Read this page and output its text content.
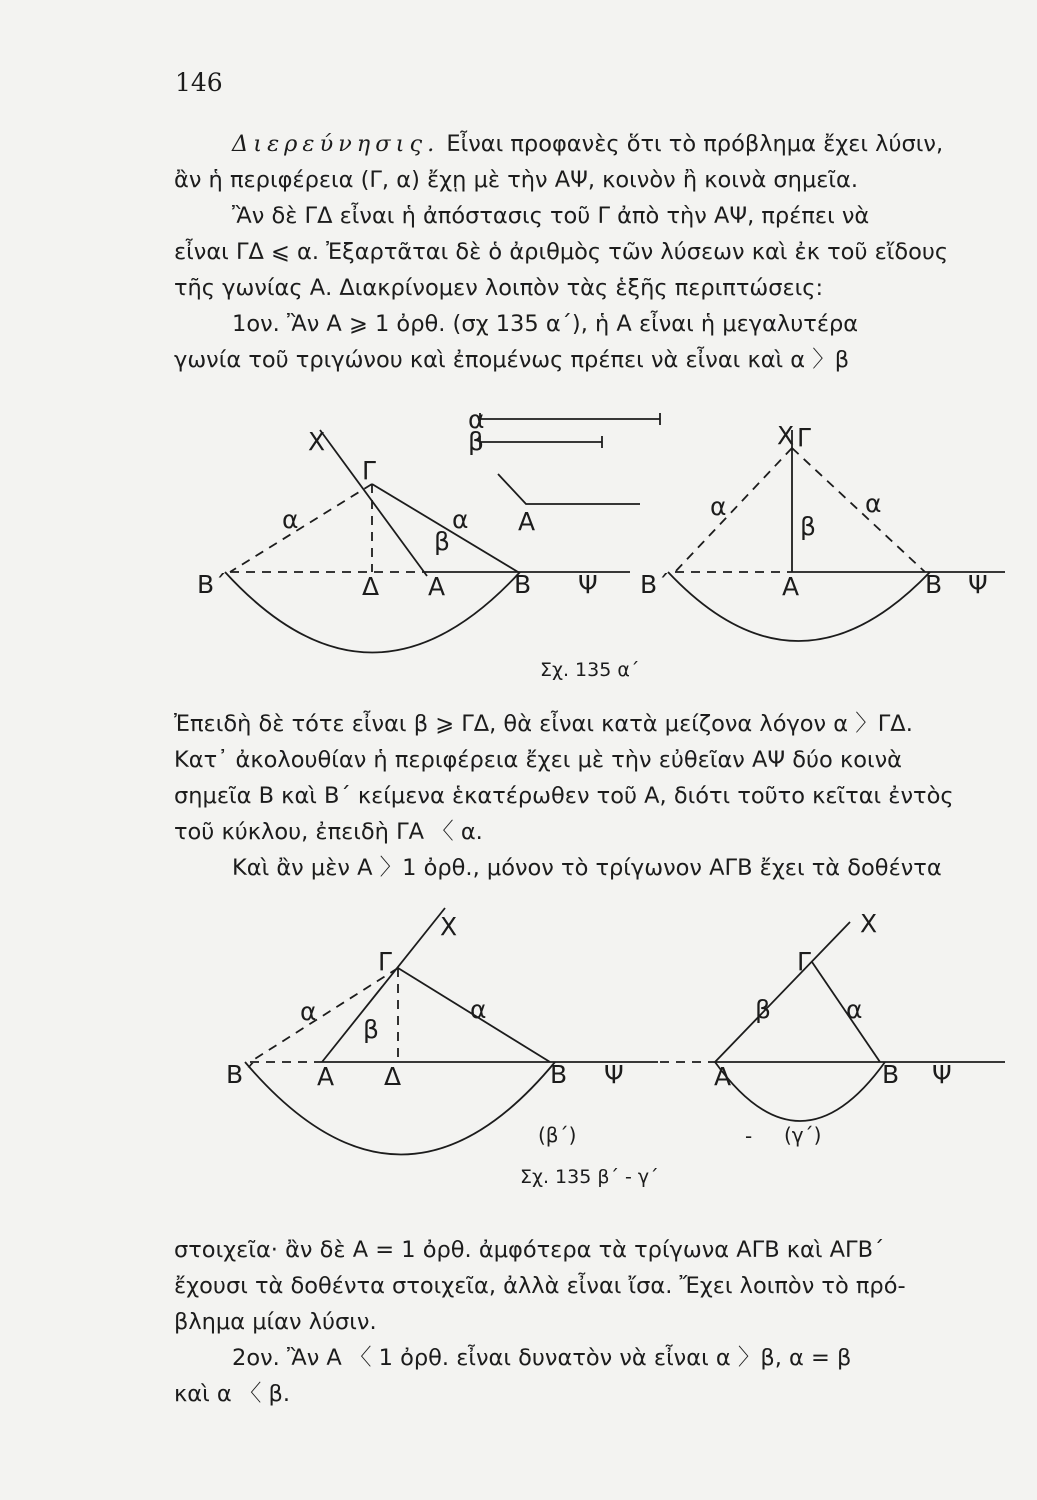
146
Διερεύνησις. Εἶναι προφανὲς ὅτι τὸ πρόβλημα ἔχει λύσιν,
ἂν ἡ περιφέρεια (Γ, α) ἔχῃ μὲ τὴν ΑΨ, κοινὸν ἢ κοινὰ σημεῖα.
Ἂν δὲ ΓΔ εἶναι ἡ ἀπόστασις τοῦ Γ ἀπὸ τὴν ΑΨ, πρέπει νὰ
εἶναι ΓΔ ⩽ α. Ἐξαρτᾶται δὲ ὁ ἀριθμὸς τῶν λύσεων καὶ ἐκ τοῦ εἴδους
τῆς γωνίας Α. Διακρίνομεν λοιπὸν τὰς ἑξῆς περιπτώσεις:
1ον. Ἂν Α ⩾ 1 ὀρθ. (σχ 135 α΄), ἡ Α εἶναι ἡ μεγαλυτέρα
γωνία τοῦ τριγώνου καὶ ἐπομένως πρέπει νὰ εἶναι καὶ α 〉β
α
β
Χ
Γ
α	α
β
Α
Β΄	Δ Α	Β Ψ
Χ Γ
α	α
β
Β΄	Α	Β Ψ
Σχ. 135 α΄
Ἐπειδὴ δὲ τότε εἶναι β ⩾ ΓΔ, θὰ εἶναι κατὰ μείζονα λόγον α 〉ΓΔ.
Κατ᾽ ἀκολουθίαν ἡ περιφέρεια ἔχει μὲ τὴν εὐθεῖαν ΑΨ δύο κοινὰ
σημεῖα Β καὶ Β΄ κείμενα ἑκατέρωθεν τοῦ Α, διότι τοῦτο κεῖται ἐντὸς
τοῦ κύκλου, ἐπειδὴ ΓΑ 〈 α.
Καὶ ἂν μὲν Α 〉1 ὀρθ., μόνον τὸ τρίγωνον ΑΓΒ ἔχει τὰ δοθέντα
Χ
Γ
α	α
β
Β΄ Α Δ	Β Ψ
Χ
Γ
β	α
Α	Β Ψ
(β΄)	- (γ΄)
Σχ. 135 β΄ - γ΄
στοιχεῖα· ἂν δὲ Α = 1 ὀρθ. ἀμφότερα τὰ τρίγωνα ΑΓΒ καὶ ΑΓΒ΄
ἔχουσι τὰ δοθέντα στοιχεῖα, ἀλλὰ εἶναι ἴσα. Ἔχει λοιπὸν τὸ πρό-
βλημα μίαν λύσιν.
2ον. Ἂν Α 〈 1 ὀρθ. εἶναι δυνατὸν νὰ εἶναι α 〉β, α = β
καὶ α 〈 β.
